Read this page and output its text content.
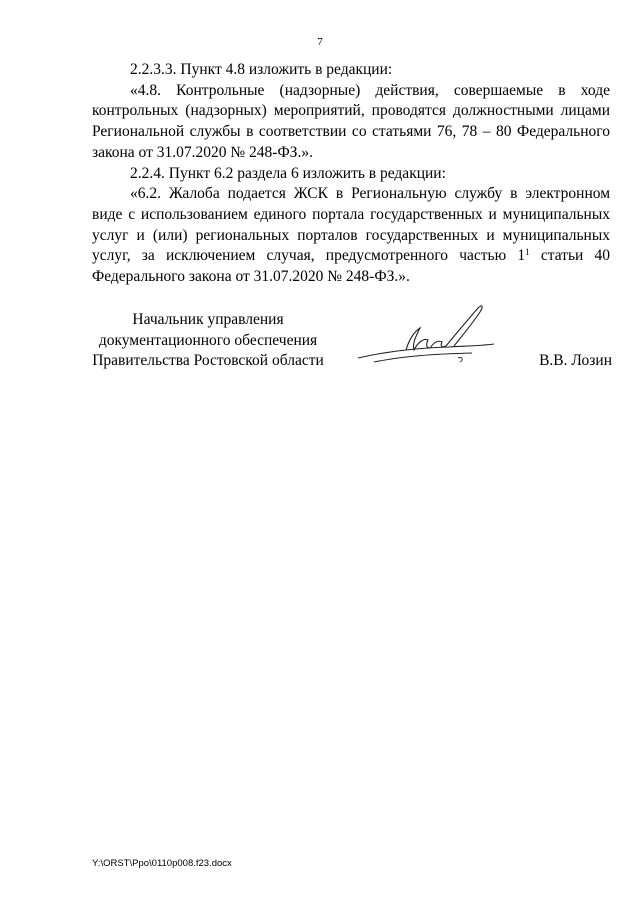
7

2.2.3.3. Пункт 4.8 изложить в редакции:

«4.8. Контрольные (надзорные) действия, совершаемые в ходе контрольных (надзорных) мероприятий, проводятся должностными лицами Региональной службы в соответствии со статьями 76, 78 – 80 Федерального закона от 31.07.2020 № 248-ФЗ.».

2.2.4. Пункт 6.2 раздела 6 изложить в редакции:

«6.2. Жалоба подается ЖСК в Региональную службу в электронном виде с использованием единого портала государственных и муниципальных услуг и (или) региональных порталов государственных и муниципальных услуг, за исключением случая, предусмотренного частью $1^1$ статьи 40 Федерального закона от 31.07.2020 № 248-ФЗ.».

Начальник управления
документационного обеспечения
Правительства Ростовской области	В.В. Лозин
Y:\ORST\Ppo\0110p008.f23.docx
